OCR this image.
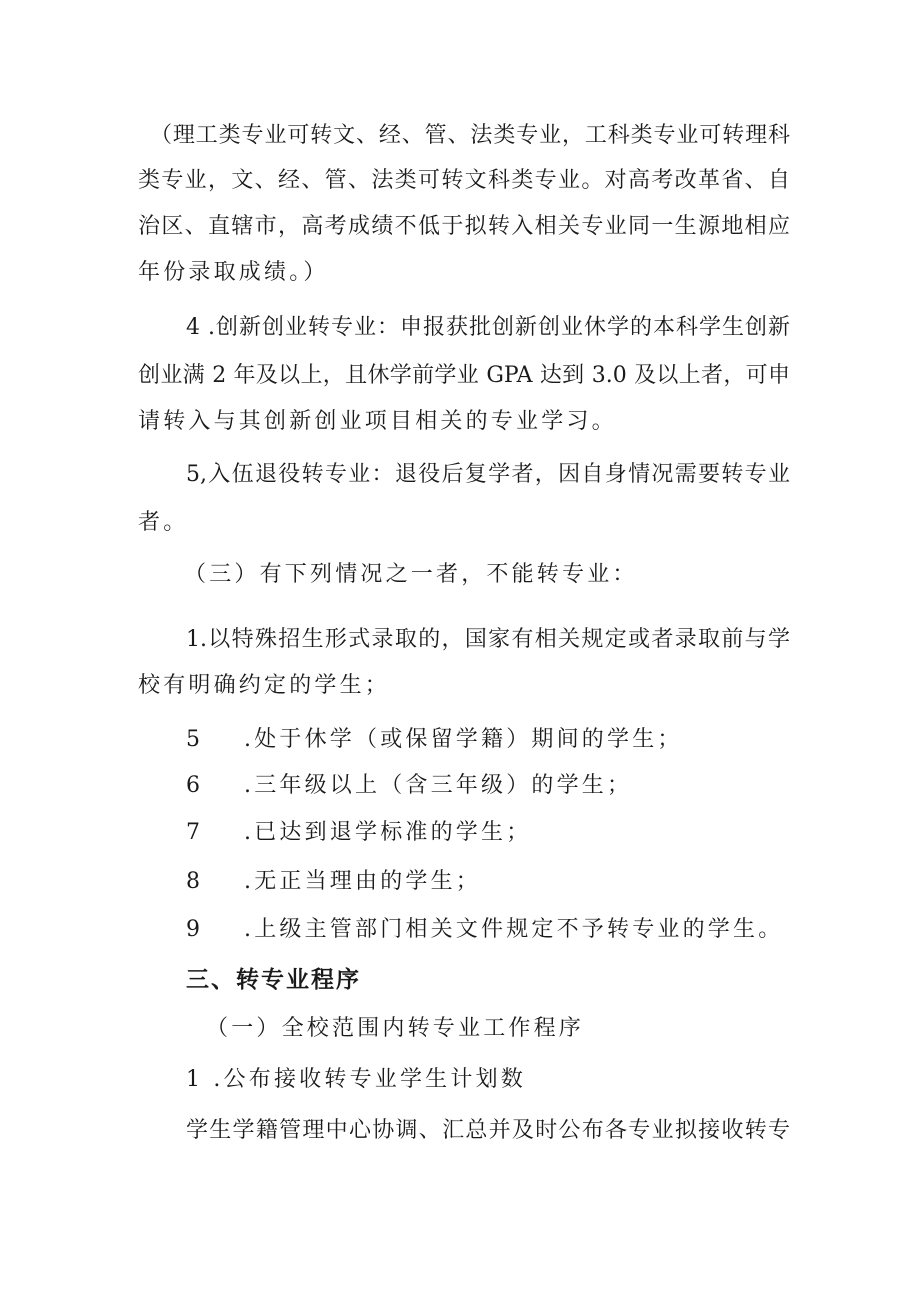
（理工类专业可转文、经、管、法类专业，工科类专业可转理科
类专业，文、经、管、法类可转文科类专业。对高考改革省、自
治区、直辖市，高考成绩不低于拟转入相关专业同一生源地相应
年份录取成绩。）
4 .创新创业转专业：申报获批创新创业休学的本科学生创新
创业满 2 年及以上，且休学前学业 GPA 达到 3.0 及以上者，可申
请转入与其创新创业项目相关的专业学习。
5,入伍退役转专业：退役后复学者，因自身情况需要转专业
者。
（三）有下列情况之一者，不能转专业：
1.以特殊招生形式录取的，国家有相关规定或者录取前与学
校有明确约定的学生；
5 .处于休学（或保留学籍）期间的学生；
6 .三年级以上（含三年级）的学生；
7 .已达到退学标准的学生；
8 .无正当理由的学生；
9 .上级主管部门相关文件规定不予转专业的学生。
三、转专业程序
（一）全校范围内转专业工作程序
1 .公布接收转专业学生计划数
学生学籍管理中心协调、汇总并及时公布各专业拟接收转专
